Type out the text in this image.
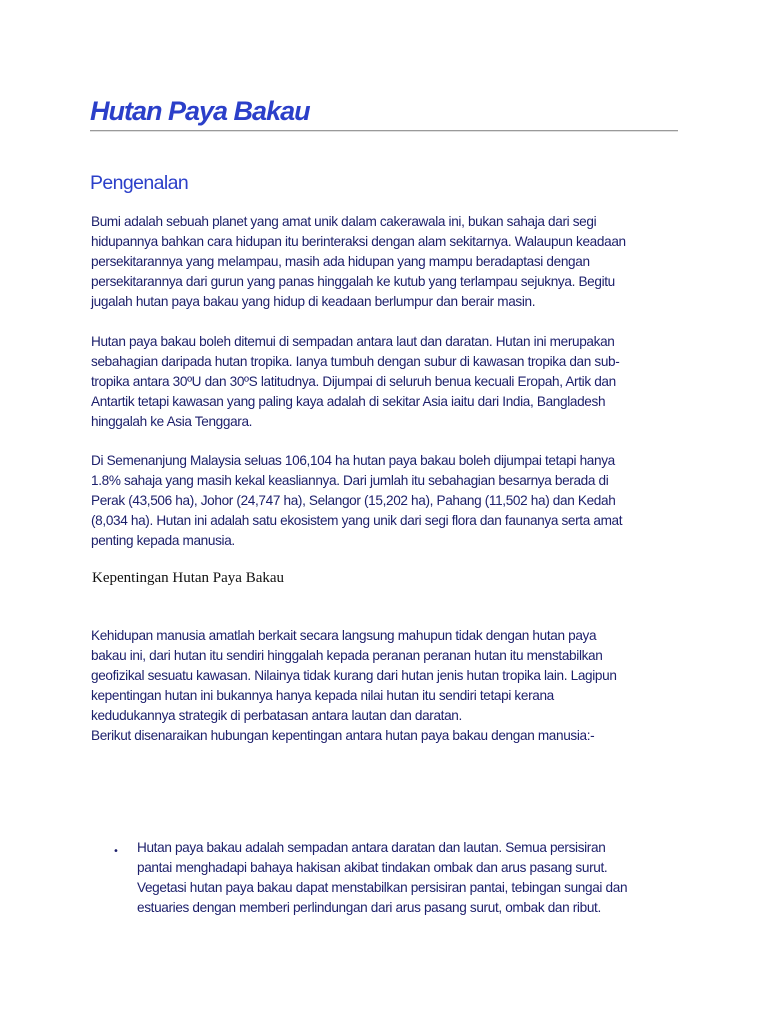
Hutan Paya Bakau
Pengenalan

Bumi adalah sebuah planet yang amat unik dalam cakerawala ini, bukan sahaja dari segi
hidupannya bahkan cara hidupan itu berinteraksi dengan alam sekitarnya. Walaupun keadaan
persekitarannya yang melampau, masih ada hidupan yang mampu beradaptasi dengan
persekitarannya dari gurun yang panas hinggalah ke kutub yang terlampau sejuknya. Begitu
jugalah hutan paya bakau yang hidup di keadaan berlumpur dan berair masin.

Hutan paya bakau boleh ditemui di sempadan antara laut dan daratan. Hutan ini merupakan
sebahagian daripada hutan tropika. Ianya tumbuh dengan subur di kawasan tropika dan sub-
tropika antara 30ºU dan 30ºS latitudnya. Dijumpai di seluruh benua kecuali Eropah, Artik dan
Antartik tetapi kawasan yang paling kaya adalah di sekitar Asia iaitu dari India, Bangladesh
hinggalah ke Asia Tenggara.

Di Semenanjung Malaysia seluas 106,104 ha hutan paya bakau boleh dijumpai tetapi hanya
1.8% sahaja yang masih kekal keasliannya. Dari jumlah itu sebahagian besarnya berada di
Perak (43,506 ha), Johor (24,747 ha), Selangor (15,202 ha), Pahang (11,502 ha) dan Kedah
(8,034 ha). Hutan ini adalah satu ekosistem yang unik dari segi flora dan faunanya serta amat
penting kepada manusia.

Kepentingan Hutan Paya Bakau

Kehidupan manusia amatlah berkait secara langsung mahupun tidak dengan hutan paya
bakau ini, dari hutan itu sendiri hinggalah kepada peranan peranan hutan itu menstabilkan
geofizikal sesuatu kawasan. Nilainya tidak kurang dari hutan jenis hutan tropika lain. Lagipun
kepentingan hutan ini bukannya hanya kepada nilai hutan itu sendiri tetapi kerana
kedudukannya strategik di perbatasan antara lautan dan daratan.
Berikut disenaraikan hubungan kepentingan antara hutan paya bakau dengan manusia:-

• Hutan paya bakau adalah sempadan antara daratan dan lautan. Semua persisiran
pantai menghadapi bahaya hakisan akibat tindakan ombak dan arus pasang surut.
Vegetasi hutan paya bakau dapat menstabilkan persisiran pantai, tebingan sungai dan
estuaries dengan memberi perlindungan dari arus pasang surut, ombak dan ribut.
